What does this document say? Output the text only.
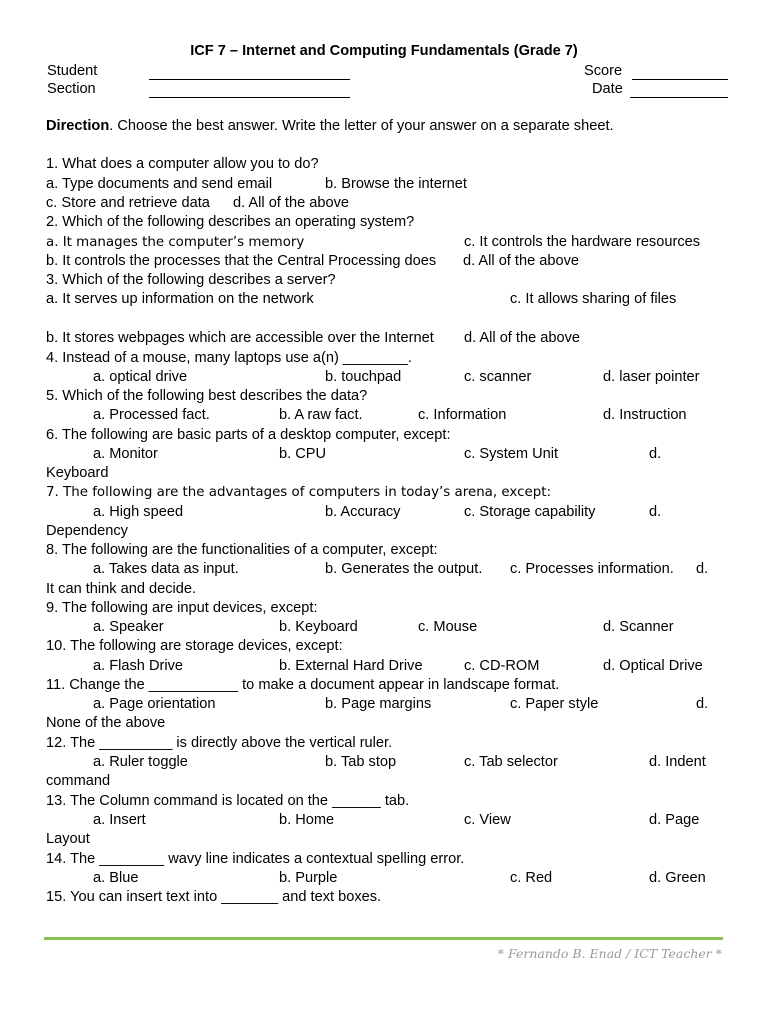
ICF 7 – Internet and Computing Fundamentals (Grade 7)
Student	Score
Section	Date
Direction. Choose the best answer. Write the letter of your answer on a separate sheet.
1. What does a computer allow you to do?
a. Type documents and send email	b. Browse the internet
c. Store and retrieve data d. All of the above
2. Which of the following describes an operating system?
a. It manages the computer’s memory	c. It controls the hardware resources
b. It controls the processes that the Central Processing does d. All of the above
3. Which of the following describes a server?
a. It serves up information on the network	c. It allows sharing of files
b. It stores webpages which are accessible over the Internet d. All of the above
4. Instead of a mouse, many laptops use a(n) ________.
a. optical drive	b. touchpad	c. scanner	d. laser pointer
5. Which of the following best describes the data?
a. Processed fact.	b. A raw fact.	c. Information	d. Instruction
6. The following are basic parts of a desktop computer, except:
a. Monitor	b. CPU	c. System Unit	d.
Keyboard
7. The following are the advantages of computers in today’s arena, except:
a. High speed	b. Accuracy	c. Storage capability	d.
Dependency
8. The following are the functionalities of a computer, except:
a. Takes data as input.	b. Generates the output. c. Processes information. d.
It can think and decide.
9. The following are input devices, except:
a. Speaker	b. Keyboard	c. Mouse	d. Scanner
10. The following are storage devices, except:
a. Flash Drive	b. External Hard Drive	c. CD-ROM	d. Optical Drive
11. Change the ___________ to make a document appear in landscape format.
a. Page orientation	b. Page margins	c. Paper style	d.
None of the above
12. The _________ is directly above the vertical ruler.
a. Ruler toggle	b. Tab stop	c. Tab selector	d. Indent
command
13. The Column command is located on the ______ tab.
a. Insert	b. Home	c. View	d. Page
Layout
14. The ________ wavy line indicates a contextual spelling error.
a. Blue	b. Purple	c. Red	d. Green
15. You can insert text into _______ and text boxes.
* Fernando B. Enad / ICT Teacher *
